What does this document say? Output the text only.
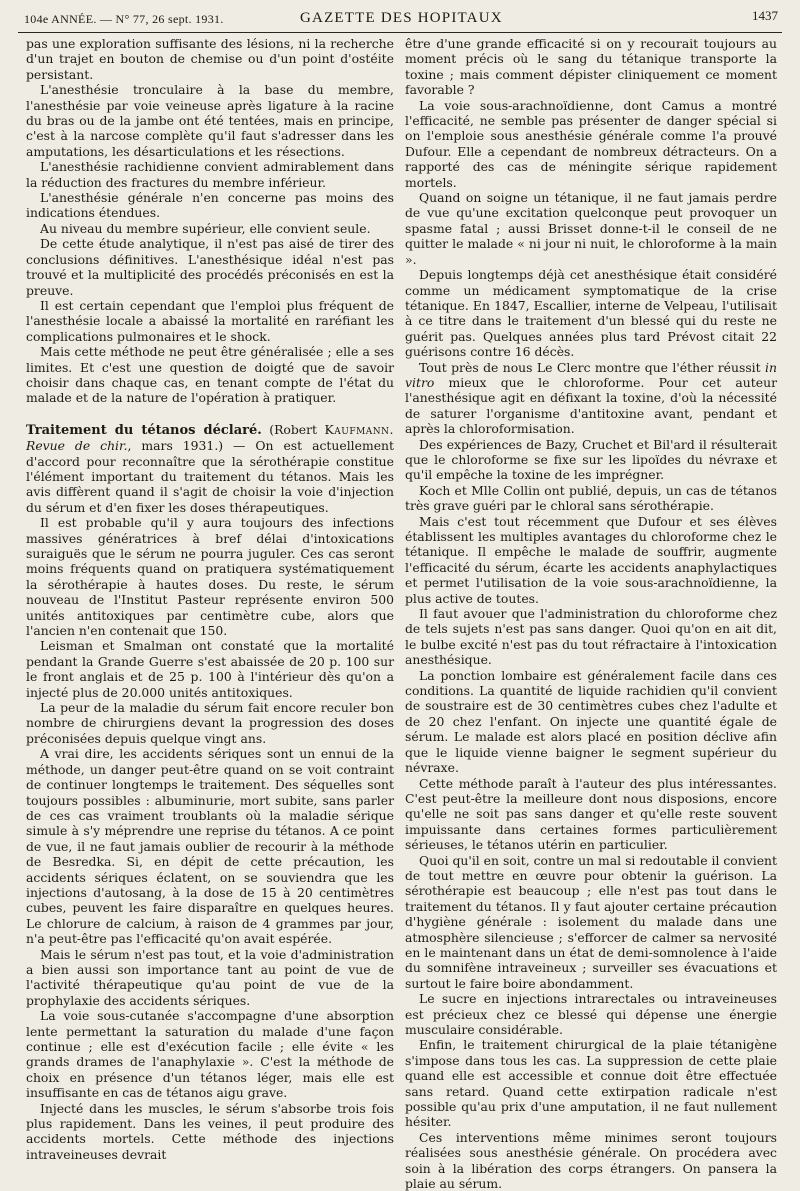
104e ANNÉE. — N° 77, 26 sept. 1931.	GAZETTE DES HOPITAUX	1437

pas une exploration suffisante des lésions, ni la recherche d'un trajet en bouton de chemise ou d'un point d'ostéite persistant.

L'anesthésie tronculaire à la base du membre, l'anesthésie par voie veineuse après ligature à la racine du bras ou de la jambe ont été tentées, mais en principe, c'est à la narcose complète qu'il faut s'adresser dans les amputations, les désarticulations et les résections.

L'anesthésie rachidienne convient admirablement dans la réduction des fractures du membre inférieur.

L'anesthésie générale n'en concerne pas moins des indications étendues.

Au niveau du membre supérieur, elle convient seule.

De cette étude analytique, il n'est pas aisé de tirer des conclusions définitives. L'anesthésique idéal n'est pas trouvé et la multiplicité des procédés préconisés en est la preuve.

Il est certain cependant que l'emploi plus fréquent de l'anesthésie locale a abaissé la mortalité en raréfiant les complications pulmonaires et le shock.

Mais cette méthode ne peut être généralisée ; elle a ses limites. Et c'est une question de doigté que de savoir choisir dans chaque cas, en tenant compte de l'état du malade et de la nature de l'opération à pratiquer.

Traitement du tétanos déclaré. (Robert Kaufmann. Revue de chir., mars 1931.) — On est actuellement d'accord pour reconnaître que la sérothérapie constitue l'élément important du traitement du tétanos. Mais les avis diffèrent quand il s'agit de choisir la voie d'injection du sérum et d'en fixer les doses thérapeutiques.

Il est probable qu'il y aura toujours des infections massives génératrices à bref délai d'intoxications suraiguës que le sérum ne pourra juguler. Ces cas seront moins fréquents quand on pratiquera systématiquement la sérothérapie à hautes doses. Du reste, le sérum nouveau de l'Institut Pasteur représente environ 500 unités antitoxiques par centimètre cube, alors que l'ancien n'en contenait que 150.

Leisman et Smalman ont constaté que la mortalité pendant la Grande Guerre s'est abaissée de 20 p. 100 sur le front anglais et de 25 p. 100 à l'intérieur dès qu'on a injecté plus de 20.000 unités antitoxiques.

La peur de la maladie du sérum fait encore reculer bon nombre de chirurgiens devant la progression des doses préconisées depuis quelque vingt ans.

A vrai dire, les accidents sériques sont un ennui de la méthode, un danger peut-être quand on se voit contraint de continuer longtemps le traitement. Des séquelles sont toujours possibles : albuminurie, mort subite, sans parler de ces cas vraiment troublants où la maladie sérique simule à s'y méprendre une reprise du tétanos. A ce point de vue, il ne faut jamais oublier de recourir à la méthode de Besredka. Si, en dépit de cette précaution, les accidents sériques éclatent, on se souviendra que les injections d'autosang, à la dose de 15 à 20 centimètres cubes, peuvent les faire disparaître en quelques heures. Le chlorure de calcium, à raison de 4 grammes par jour, n'a peut-être pas l'efficacité qu'on avait espérée.

Mais le sérum n'est pas tout, et la voie d'administration a bien aussi son importance tant au point de vue de l'activité thérapeutique qu'au point de vue de la prophylaxie des accidents sériques.

La voie sous-cutanée s'accompagne d'une absorption lente permettant la saturation du malade d'une façon continue ; elle est d'exécution facile ; elle évite « les grands drames de l'anaphylaxie ». C'est la méthode de choix en présence d'un tétanos léger, mais elle est insuffisante en cas de tétanos aigu grave.

Injecté dans les muscles, le sérum s'absorbe trois fois plus rapidement. Dans les veines, il peut produire des accidents mortels. Cette méthode des injections intraveineuses devrait

être d'une grande efficacité si on y recourait toujours au moment précis où le sang du tétanique transporte la toxine ; mais comment dépister cliniquement ce moment favorable ?

La voie sous-arachnoïdienne, dont Camus a montré l'efficacité, ne semble pas présenter de danger spécial si on l'emploie sous anesthésie générale comme l'a prouvé Dufour. Elle a cependant de nombreux détracteurs. On a rapporté des cas de méningite sérique rapidement mortels.

Quand on soigne un tétanique, il ne faut jamais perdre de vue qu'une excitation quelconque peut provoquer un spasme fatal ; aussi Brisset donne-t-il le conseil de ne quitter le malade « ni jour ni nuit, le chloroforme à la main ».

Depuis longtemps déjà cet anesthésique était considéré comme un médicament symptomatique de la crise tétanique. En 1847, Escallier, interne de Velpeau, l'utilisait à ce titre dans le traitement d'un blessé qui du reste ne guérit pas. Quelques années plus tard Prévost citait 22 guérisons contre 16 décès.

Tout près de nous Le Clerc montre que l'éther réussit in vitro mieux que le chloroforme. Pour cet auteur l'anesthésique agit en défixant la toxine, d'où la nécessité de saturer l'organisme d'antitoxine avant, pendant et après la chloroformisation.

Des expériences de Bazy, Cruchet et Bil'ard il résulterait que le chloroforme se fixe sur les lipoïdes du névraxe et qu'il empêche la toxine de les imprégner.

Koch et Mlle Collin ont publié, depuis, un cas de tétanos très grave guéri par le chloral sans sérothérapie.

Mais c'est tout récemment que Dufour et ses élèves établissent les multiples avantages du chloroforme chez le tétanique. Il empêche le malade de souffrir, augmente l'efficacité du sérum, écarte les accidents anaphylactiques et permet l'utilisation de la voie sous-arachnoïdienne, la plus active de toutes.

Il faut avouer que l'administration du chloroforme chez de tels sujets n'est pas sans danger. Quoi qu'on en ait dit, le bulbe excité n'est pas du tout réfractaire à l'intoxication anesthésique.

La ponction lombaire est généralement facile dans ces conditions. La quantité de liquide rachidien qu'il convient de soustraire est de 30 centimètres cubes chez l'adulte et de 20 chez l'enfant. On injecte une quantité égale de sérum. Le malade est alors placé en position déclive afin que le liquide vienne baigner le segment supérieur du névraxe.

Cette méthode paraît à l'auteur des plus intéressantes. C'est peut-être la meilleure dont nous disposions, encore qu'elle ne soit pas sans danger et qu'elle reste souvent impuissante dans certaines formes particulièrement sérieuses, le tétanos utérin en particulier.

Quoi qu'il en soit, contre un mal si redoutable il convient de tout mettre en œuvre pour obtenir la guérison. La sérothérapie est beaucoup ; elle n'est pas tout dans le traitement du tétanos. Il y faut ajouter certaine précaution d'hygiène générale : isolement du malade dans une atmosphère silencieuse ; s'efforcer de calmer sa nervosité en le maintenant dans un état de demi-somnolence à l'aide du somnifène intraveineux ; surveiller ses évacuations et surtout le faire boire abondamment.

Le sucre en injections intrarectales ou intraveineuses est précieux chez ce blessé qui dépense une énergie musculaire considérable.

Enfin, le traitement chirurgical de la plaie tétanigène s'impose dans tous les cas. La suppression de cette plaie quand elle est accessible et connue doit être effectuée sans retard. Quand cette extirpation radicale n'est possible qu'au prix d'une amputation, il ne faut nullement hésiter.

Ces interventions même minimes seront toujours réalisées sous anesthésie générale. On procédera avec soin à la libération des corps étrangers. On pansera la plaie au sérum.
